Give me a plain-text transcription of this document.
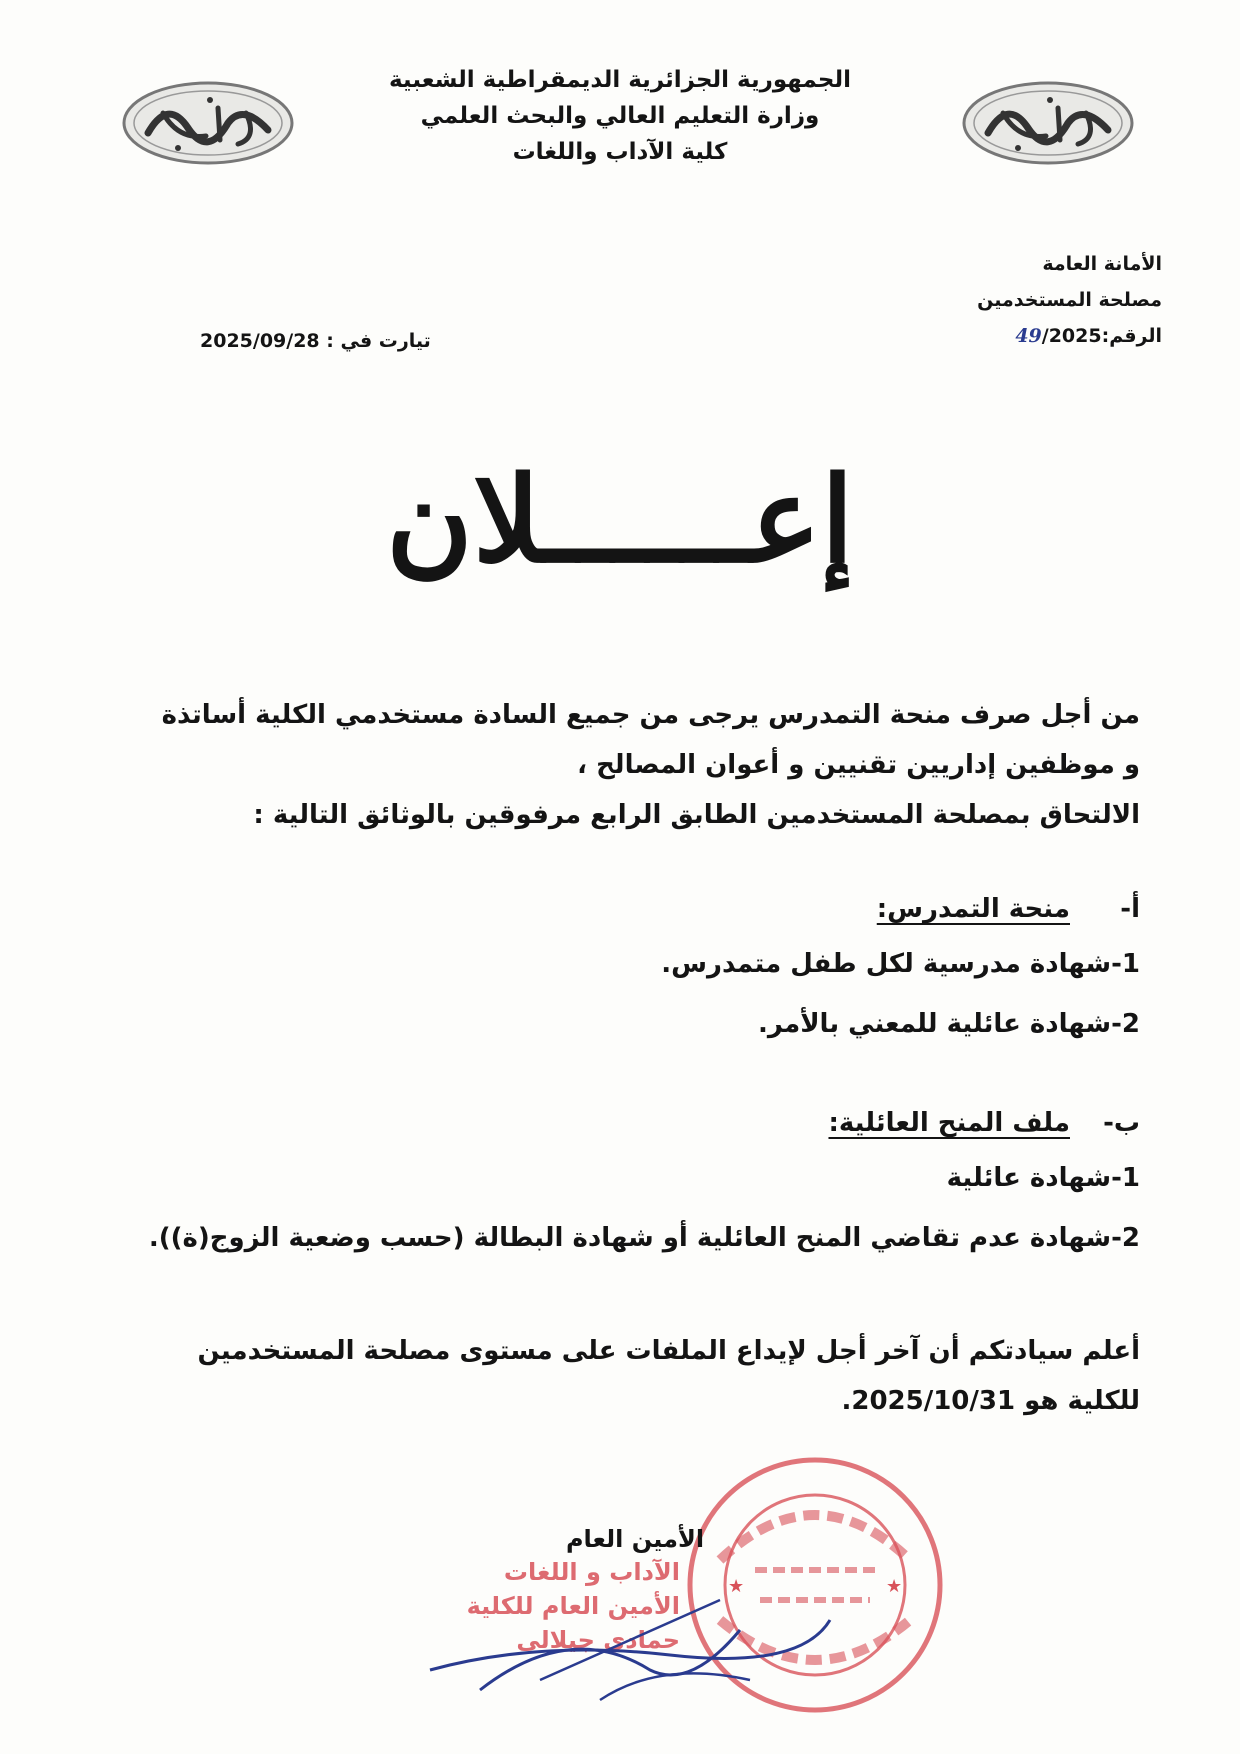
الجمهورية الجزائرية الديمقراطية الشعبية
وزارة التعليم العالي والبحث العلمي
كلية الآداب واللغات
الأمانة العامة
مصلحة المستخدمين
الرقم:49/2025
تيارت في : 2025/09/28
إعــــــلان

من أجل صرف منحة التمدرس يرجى من جميع السادة مستخدمي الكلية أساتذة

و موظفين إداريين تقنيين و أعوان المصالح ،

الالتحاق بمصلحة المستخدمين الطابق الرابع مرفوقين بالوثائق التالية :

أ-منحة التمدرس:

1-شهادة مدرسية لكل طفل متمدرس.

2-شهادة عائلية للمعني بالأمر.

ب-ملف المنح العائلية:

1-شهادة عائلية

2-شهادة عدم تقاضي المنح العائلية أو شهادة البطالة (حسب وضعية الزوج(ة)).

أعلم سيادتكم أن آخر أجل لإيداع الملفات على مستوى مصلحة المستخدمين

للكلية هو 2025/10/31.

★	★
الأمين العام
الآداب و اللغات
الأمين العام للكلية
حمادي جيلالي
